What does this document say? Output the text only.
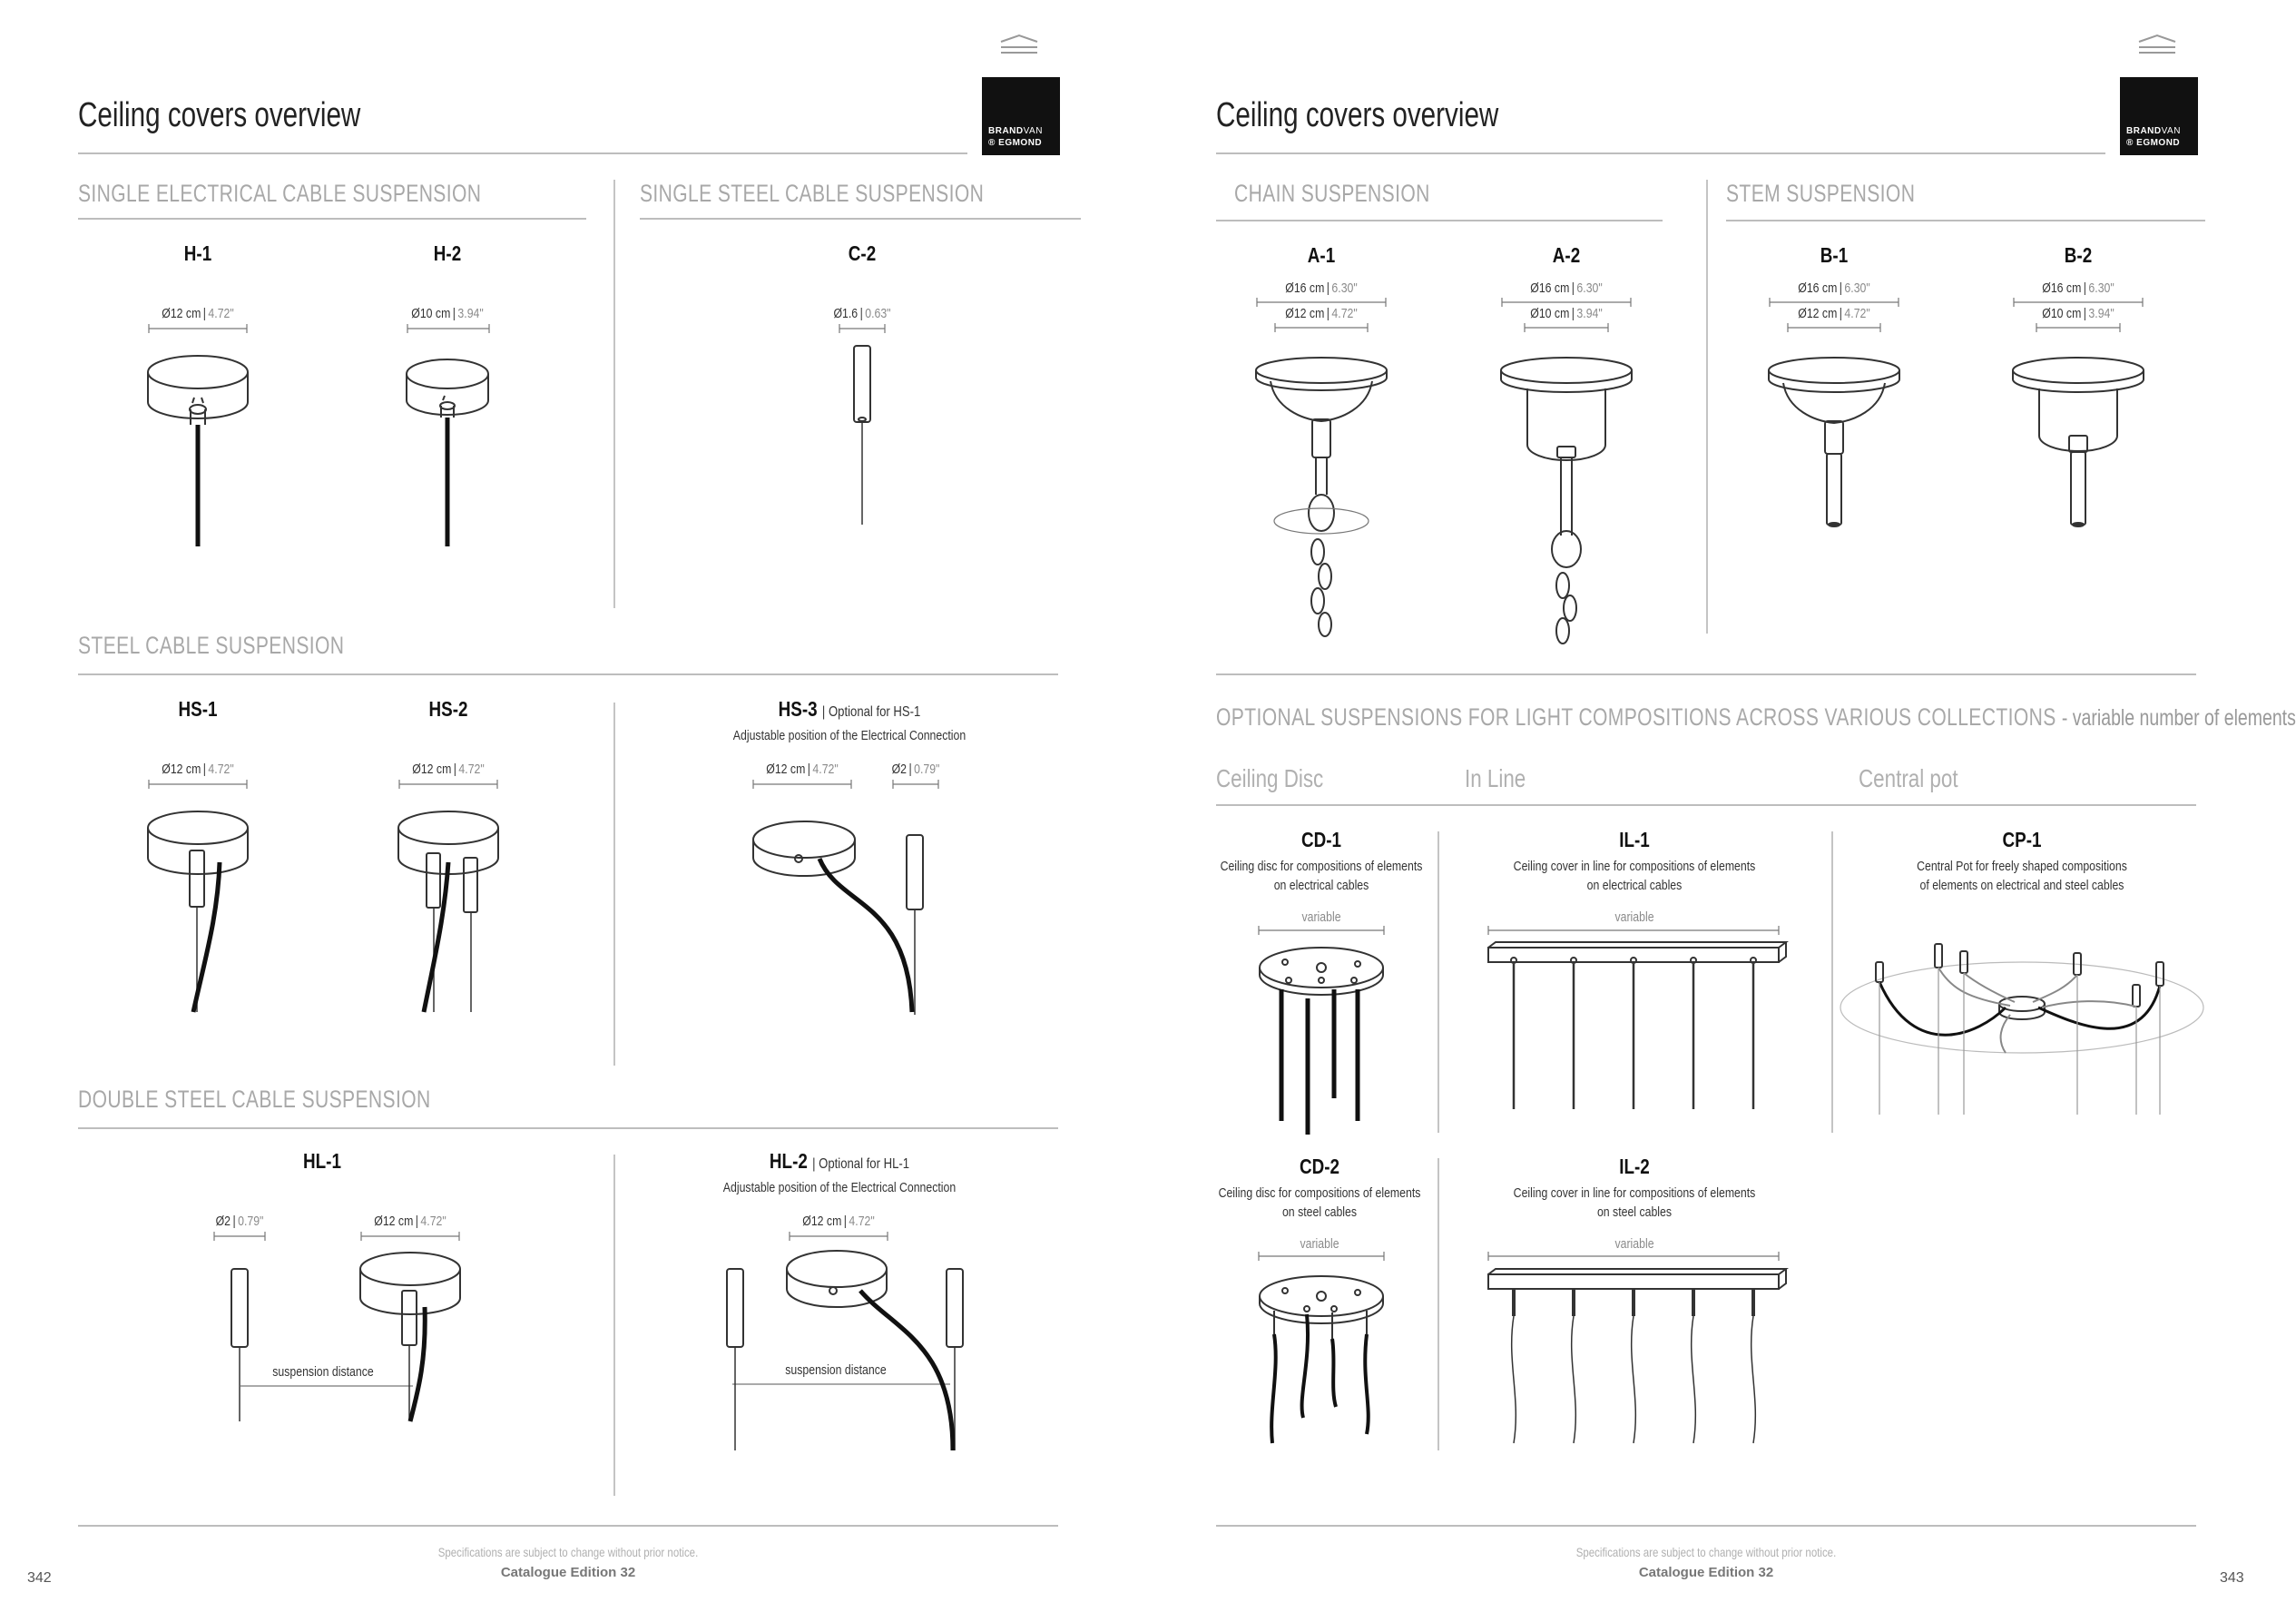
Ceiling covers overview	BRANDVAN
® EGMOND
SINGLE ELECTRICAL CABLE SUSPENSION	SINGLE STEEL CABLE SUSPENSION
H-1
Ø12 cm | 4.72"
H-2
Ø10 cm | 3.94"
C-2
Ø1.6 | 0.63"
STEEL CABLE SUSPENSION
HS-1
Ø12 cm | 4.72"
HS-2
Ø12 cm | 4.72"
HS-3 | Optional for HS-1
Adjustable position of the Electrical Connection
Ø12 cm | 4.72"	Ø2 | 0.79"
DOUBLE STEEL CABLE SUSPENSION
HL-1
Ø2 | 0.79"	Ø12 cm | 4.72"
suspension distance
HL-2 | Optional for HL-1
Adjustable position of the Electrical Connection
Ø12 cm | 4.72"
suspension distance
Specifications are subject to change without prior notice.
Catalogue Edition 32
342
Ceiling covers overview	BRANDVAN
® EGMOND
CHAIN SUSPENSION	STEM SUSPENSION
A-1
Ø16 cm | 6.30"
Ø12 cm | 4.72"
A-2
Ø16 cm | 6.30"
Ø10 cm | 3.94"
B-1
Ø16 cm | 6.30"
Ø12 cm | 4.72"
B-2
Ø16 cm | 6.30"
Ø10 cm | 3.94"
OPTIONAL SUSPENSIONS FOR LIGHT COMPOSITIONS ACROSS VARIOUS COLLECTIONS - variable number of elements
Ceiling Disc	In Line	Central pot
CD-1
Ceiling disc for compositions of elements
on electrical cables
variable
IL-1
Ceiling cover in line for compositions of elements
on electrical cables
variable
CP-1
Central Pot for freely shaped compositions
of elements on electrical and steel cables
CD-2
Ceiling disc for compositions of elements
on steel cables
variable
IL-2
Ceiling cover in line for compositions of elements
on steel cables
variable
Specifications are subject to change without prior notice.
Catalogue Edition 32	343
